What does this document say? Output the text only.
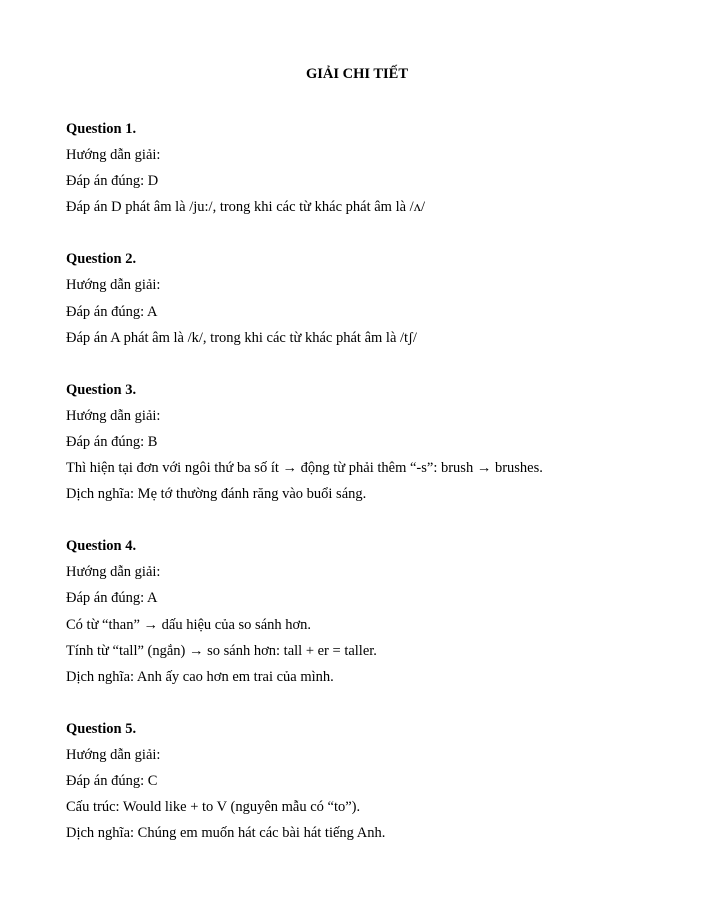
GIẢI CHI TIẾT
Question 1.
Hướng dẫn giải:
Đáp án đúng: D
Đáp án D phát âm là /ju:/, trong khi các từ khác phát âm là /ʌ/
Question 2.
Hướng dẫn giải:
Đáp án đúng: A
Đáp án A phát âm là /k/, trong khi các từ khác phát âm là /tʃ/
Question 3.
Hướng dẫn giải:
Đáp án đúng: B
Thì hiện tại đơn với ngôi thứ ba số ít → động từ phải thêm “-s”: brush → brushes.
Dịch nghĩa: Mẹ tớ thường đánh răng vào buổi sáng.
Question 4.
Hướng dẫn giải:
Đáp án đúng: A
Có từ “than” → dấu hiệu của so sánh hơn.
Tính từ “tall” (ngắn) → so sánh hơn: tall + er = taller.
Dịch nghĩa: Anh ấy cao hơn em trai của mình.
Question 5.
Hướng dẫn giải:
Đáp án đúng: C
Cấu trúc: Would like + to V (nguyên mẫu có “to”).
Dịch nghĩa: Chúng em muốn hát các bài hát tiếng Anh.
